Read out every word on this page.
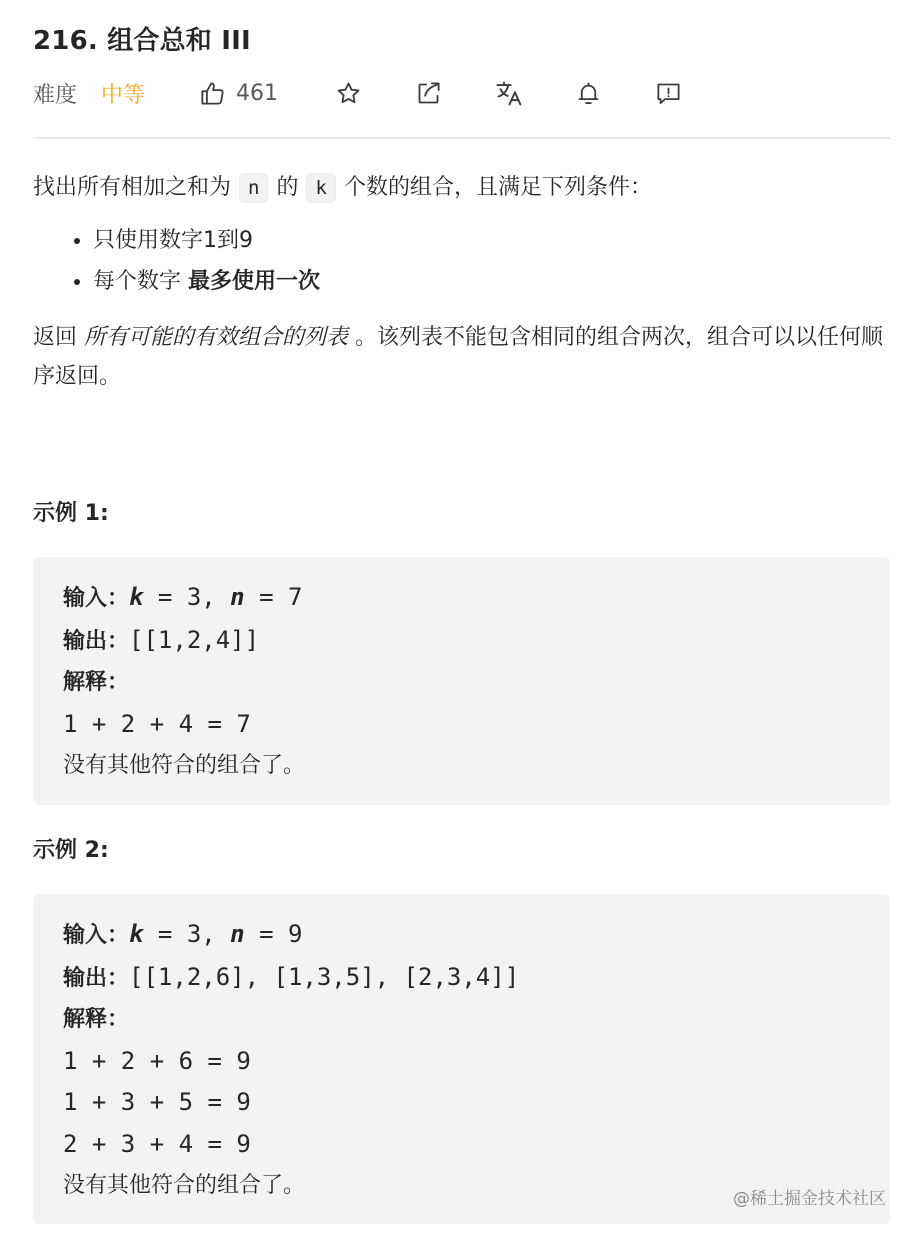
216. 组合总和 III
难度 中等	461

找出所有相加之和为 n 的 k 个数的组合，且满足下列条件：

• 只使用数字1到9
• 每个数字 最多使用一次

返回 所有可能的有效组合的列表 。该列表不能包含相同的组合两次，组合可以以任何顺序返回。

示例 1:
输入：k = 3, n = 7
输出：[[1,2,4]]
解释：
1 + 2 + 4 = 7
没有其他符合的组合了。
示例 2:
输入：k = 3, n = 9
输出：[[1,2,6], [1,3,5], [2,3,4]]
解释：
1 + 2 + 6 = 9
1 + 3 + 5 = 9
2 + 3 + 4 = 9
没有其他符合的组合了。
@稀土掘金技术社区
